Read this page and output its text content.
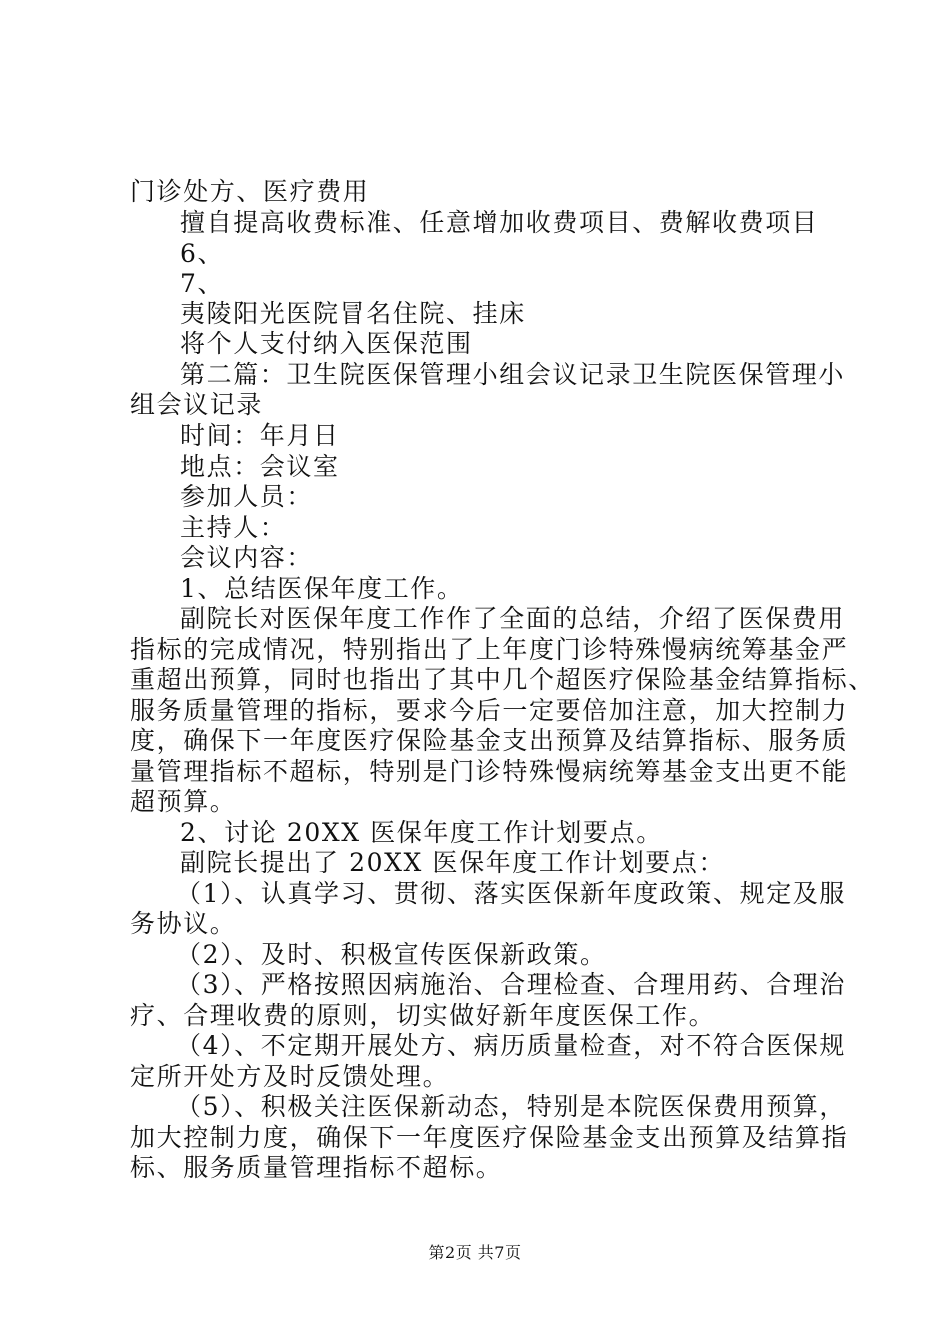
门诊处方、医疗费用
擅自提高收费标准、任意增加收费项目、费解收费项目
6、
7、
夷陵阳光医院冒名住院、挂床
将个人支付纳入医保范围
第二篇：卫生院医保管理小组会议记录卫生院医保管理小
组会议记录
时间：年月日
地点：会议室
参加人员：
主持人：
会议内容：
1、总结医保年度工作。
副院长对医保年度工作作了全面的总结，介绍了医保费用
指标的完成情况，特别指出了上年度门诊特殊慢病统筹基金严
重超出预算，同时也指出了其中几个超医疗保险基金结算指标、
服务质量管理的指标，要求今后一定要倍加注意，加大控制力
度，确保下一年度医疗保险基金支出预算及结算指标、服务质
量管理指标不超标，特别是门诊特殊慢病统筹基金支出更不能
超预算。
2、讨论 20XX 医保年度工作计划要点。
副院长提出了 20XX 医保年度工作计划要点：
（1）、认真学习、贯彻、落实医保新年度政策、规定及服
务协议。
（2）、及时、积极宣传医保新政策。
（3）、严格按照因病施治、合理检查、合理用药、合理治
疗、合理收费的原则，切实做好新年度医保工作。
（4）、不定期开展处方、病历质量检查，对不符合医保规
定所开处方及时反馈处理。
（5）、积极关注医保新动态，特别是本院医保费用预算，
加大控制力度，确保下一年度医疗保险基金支出预算及结算指
标、服务质量管理指标不超标。
第2页 共7页
